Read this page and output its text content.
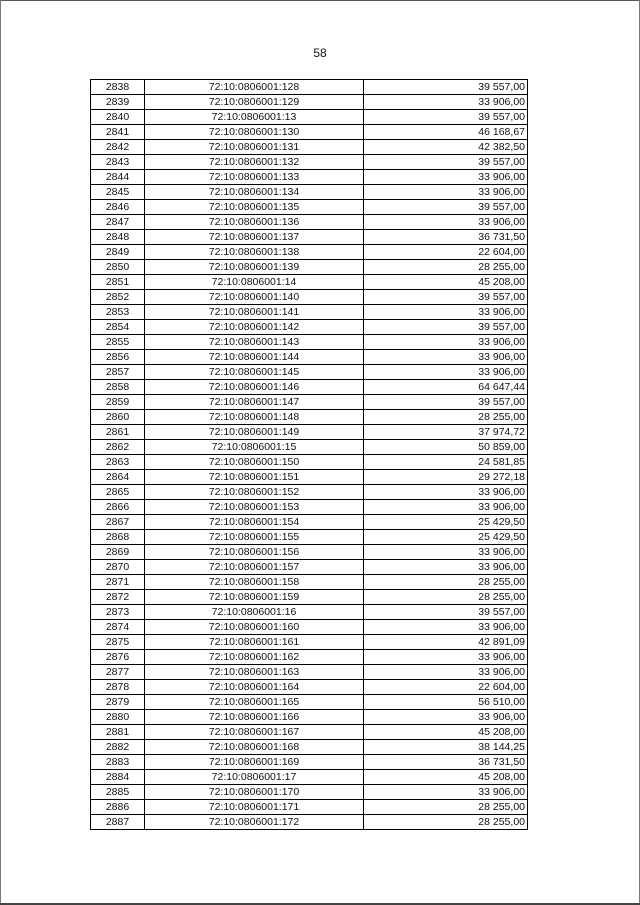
58
2838	72:10:0806001:128	39 557,00
2839	72:10:0806001:129	33 906,00
2840	72:10:0806001:13	39 557,00
2841	72:10:0806001:130	46 168,67
2842	72:10:0806001:131	42 382,50
2843	72:10:0806001:132	39 557,00
2844	72:10:0806001:133	33 906,00
2845	72:10:0806001:134	33 906,00
2846	72:10:0806001:135	39 557,00
2847	72:10:0806001:136	33 906,00
2848	72:10:0806001:137	36 731,50
2849	72:10:0806001:138	22 604,00
2850	72:10:0806001:139	28 255,00
2851	72:10:0806001:14	45 208,00
2852	72:10:0806001:140	39 557,00
2853	72:10:0806001:141	33 906,00
2854	72:10:0806001:142	39 557,00
2855	72:10:0806001:143	33 906,00
2856	72:10:0806001:144	33 906,00
2857	72:10:0806001:145	33 906,00
2858	72:10:0806001:146	64 647,44
2859	72:10:0806001:147	39 557,00
2860	72:10:0806001:148	28 255,00
2861	72:10:0806001:149	37 974,72
2862	72:10:0806001:15	50 859,00
2863	72:10:0806001:150	24 581,85
2864	72:10:0806001:151	29 272,18
2865	72:10:0806001:152	33 906,00
2866	72:10:0806001:153	33 906,00
2867	72:10:0806001:154	25 429,50
2868	72:10:0806001:155	25 429,50
2869	72:10:0806001:156	33 906,00
2870	72:10:0806001:157	33 906,00
2871	72:10:0806001:158	28 255,00
2872	72:10:0806001:159	28 255,00
2873	72:10:0806001:16	39 557,00
2874	72:10:0806001:160	33 906,00
2875	72:10:0806001:161	42 891,09
2876	72:10:0806001:162	33 906,00
2877	72:10:0806001:163	33 906,00
2878	72:10:0806001:164	22 604,00
2879	72:10:0806001:165	56 510,00
2880	72:10:0806001:166	33 906,00
2881	72:10:0806001:167	45 208,00
2882	72:10:0806001:168	38 144,25
2883	72:10:0806001:169	36 731,50
2884	72:10:0806001:17	45 208,00
2885	72:10:0806001:170	33 906,00
2886	72:10:0806001:171	28 255,00
2887	72:10:0806001:172	28 255,00
